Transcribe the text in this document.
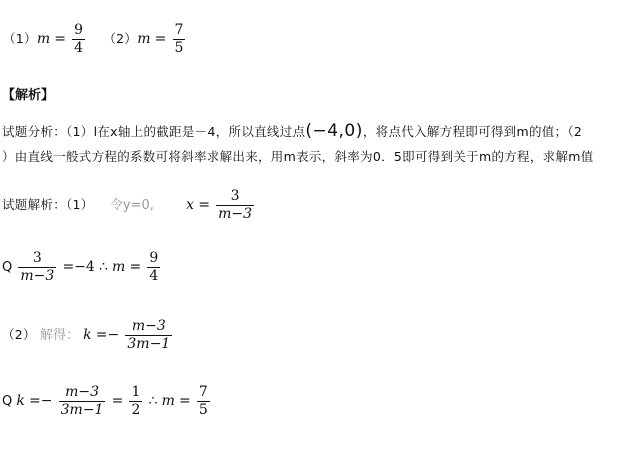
$(1)m = \frac{9}{4} (2)m = \frac{7}{5}$
【解析】
试题分析：（1）l在x轴上的截距是－4，所以直线过点(−4,0)，将点代入解方程即可得到m的值；（2
）由直线一般式方程的系数可将斜率求解出来，用m表示，斜率为0．5即可得到关于m的方程，求解m值
试题解析：（1） 令y=0, $x = \frac{3}{m-3}$
Q $\frac{3}{m-3} =-4$ ∴ $m = \frac{9}{4}$
（2） 解得： $k =- \frac{m-3}{3m-1}$
Q $k =- \frac{m-3}{3m-1} = \frac{1}{2}$ ∴ $m = \frac{7}{5}$
